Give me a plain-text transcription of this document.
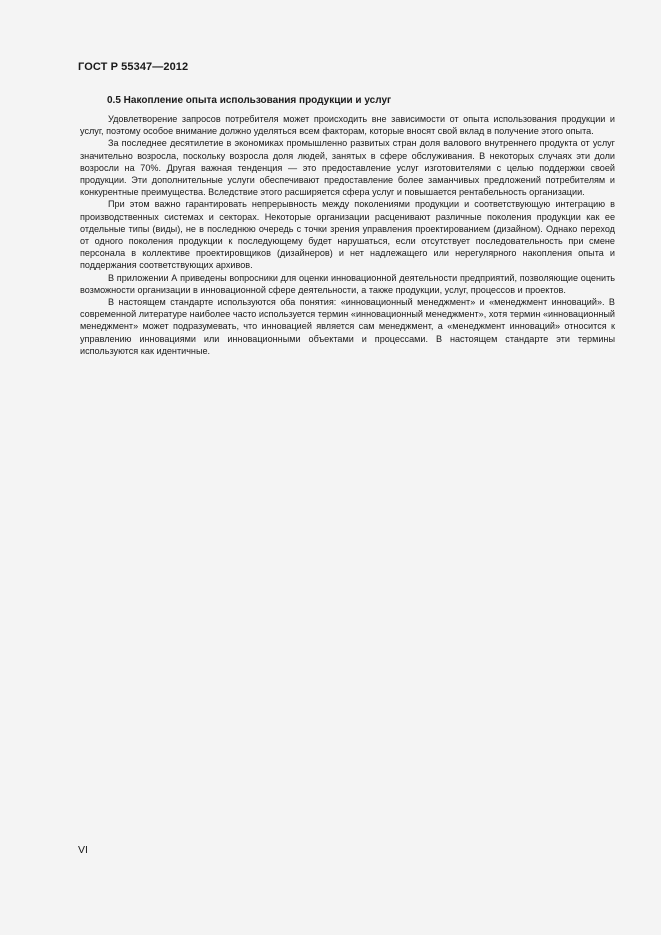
ГОСТ Р 55347—2012
0.5 Накопление опыта использования продукции и услуг

Удовлетворение запросов потребителя может происходить вне зависимости от опыта использования продукции и услуг, поэтому особое внимание должно уделяться всем факторам, которые вносят свой вклад в получение этого опыта.

За последнее десятилетие в экономиках промышленно развитых стран доля валового внутреннего продукта от услуг значительно возросла, поскольку возросла доля людей, занятых в сфере обслуживания. В некоторых случаях эти доли возросли на 70%. Другая важная тенденция — это предоставление услуг изготовителями с целью поддержки своей продукции. Эти дополнительные услуги обеспечивают предоставление более заманчивых предложений потребителям и конкурентные преимущества. Вследствие этого расширяется сфера услуг и повышается рентабельность организации.

При этом важно гарантировать непрерывность между поколениями продукции и соответствующую интеграцию в производственных системах и секторах. Некоторые организации расценивают различные поколения продукции как ее отдельные типы (виды), не в последнюю очередь с точки зрения управления проектированием (дизайном). Однако переход от одного поколения продукции к последующему будет нарушаться, если отсутствует последовательность при смене персонала в коллективе проектировщиков (дизайнеров) и нет надлежащего или нерегулярного накопления опыта и поддержания соответствующих архивов.

В приложении А приведены вопросники для оценки инновационной деятельности предприятий, позволяющие оценить возможности организации в инновационной сфере деятельности, а также продукции, услуг, процессов и проектов.

В настоящем стандарте используются оба понятия: «инновационный менеджмент» и «менеджмент инноваций». В современной литературе наиболее часто используется термин «инновационный менеджмент», хотя термин «инновационный менеджмент» может подразумевать, что инновацией является сам менеджмент, а «менеджмент инноваций» относится к управлению инновациями или инновационными объектами и процессами. В настоящем стандарте эти термины используются как идентичные.

VI
